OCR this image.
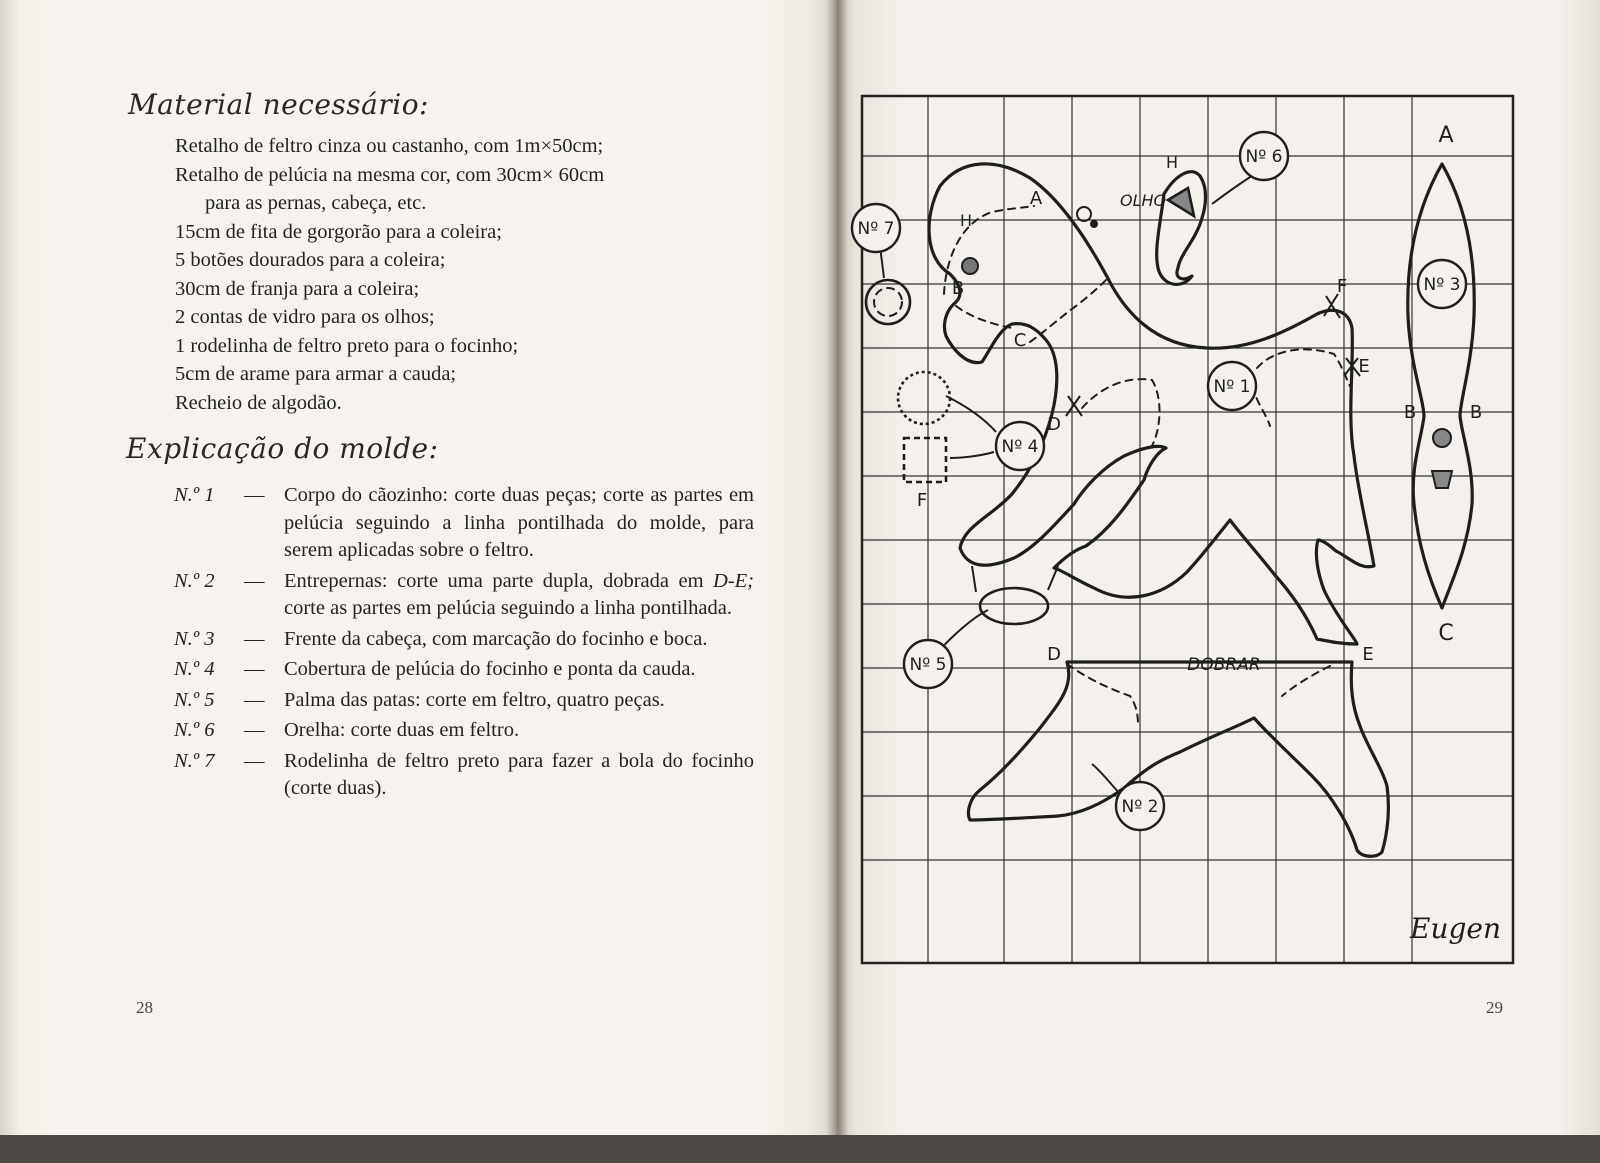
Material necessário:
Retalho de feltro cinza ou castanho, com 1m×50cm;
Retalho de pelúcia na mesma cor, com 30cm× 60cm
para as pernas, cabeça, etc.
15cm de fita de gorgorão para a coleira;
5 botões dourados para a coleira;
30cm de franja para a coleira;
2 contas de vidro para os olhos;
1 rodelinha de feltro preto para o focinho;
5cm de arame para armar a cauda;
Recheio de algodão.
Explicação do molde:
N.º 1 — Corpo do cãozinho: corte duas peças; corte as partes em pelúcia seguindo a linha pontilhada do molde, para serem aplicadas sobre o feltro.
N.º 2 — Entrepernas: corte uma parte dupla, dobrada em D-E; corte as partes em pelúcia seguindo a linha pontilhada.
N.º 3 — Frente da cabeça, com marcação do focinho e boca.
N.º 4 — Cobertura de pelúcia do focinho e ponta da cauda.
N.º 5 — Palma das patas: corte em feltro, quatro peças.
N.º 6 — Orelha: corte duas em feltro.
N.º 7 — Rodelinha de feltro preto para fazer a bola do focinho (corte duas).
28	29
Nº 6
Nº 7
Nº 3
Nº 1
Nº 4
Nº 5
Nº 2
A
C
B	B
A
B
C
D
F
E
F
D	E
H
H
OLHO
DOBRAR
Eugen
